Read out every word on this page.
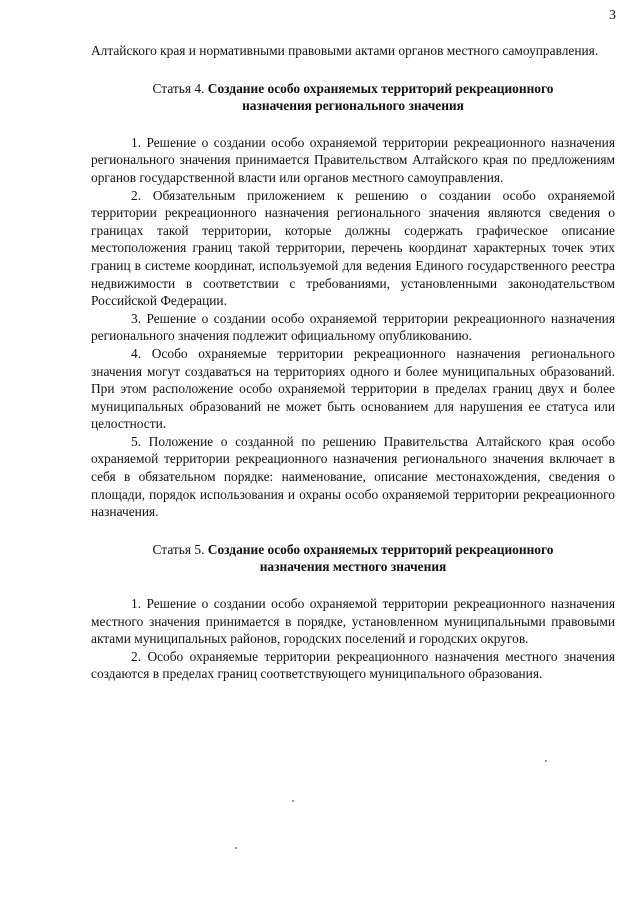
3

Алтайского края и нормативными правовыми актами органов местного самоуправления.

Статья 4. Создание особо охраняемых территорий рекреационного назначения регионального значения

1. Решение о создании особо охраняемой территории рекреационного назначения регионального значения принимается Правительством Алтайского края по предложениям органов государственной власти или органов местного самоуправления.

2. Обязательным приложением к решению о создании особо охраняемой территории рекреационного назначения регионального значения являются сведения о границах такой территории, которые должны содержать графическое описание местоположения границ такой территории, перечень координат характерных точек этих границ в системе координат, используемой для ведения Единого государственного реестра недвижимости в соответствии с требованиями, установленными законодательством Российской Федерации.

3. Решение о создании особо охраняемой территории рекреационного назначения регионального значения подлежит официальному опубликованию.

4. Особо охраняемые территории рекреационного назначения регионального значения могут создаваться на территориях одного и более муниципальных образований. При этом расположение особо охраняемой территории в пределах границ двух и более муниципальных образований не может быть основанием для нарушения ее статуса или целостности.

5. Положение о созданной по решению Правительства Алтайского края особо охраняемой территории рекреационного назначения регионального значения включает в себя в обязательном порядке: наименование, описание местонахождения, сведения о площади, порядок использования и охраны особо охраняемой территории рекреационного назначения.

Статья 5. Создание особо охраняемых территорий рекреационного назначения местного значения

1. Решение о создании особо охраняемой территории рекреационного назначения местного значения принимается в порядке, установленном муниципальными правовыми актами муниципальных районов, городских поселений и городских округов.

2. Особо охраняемые территории рекреационного назначения местного значения создаются в пределах границ соответствующего муниципального образования.
